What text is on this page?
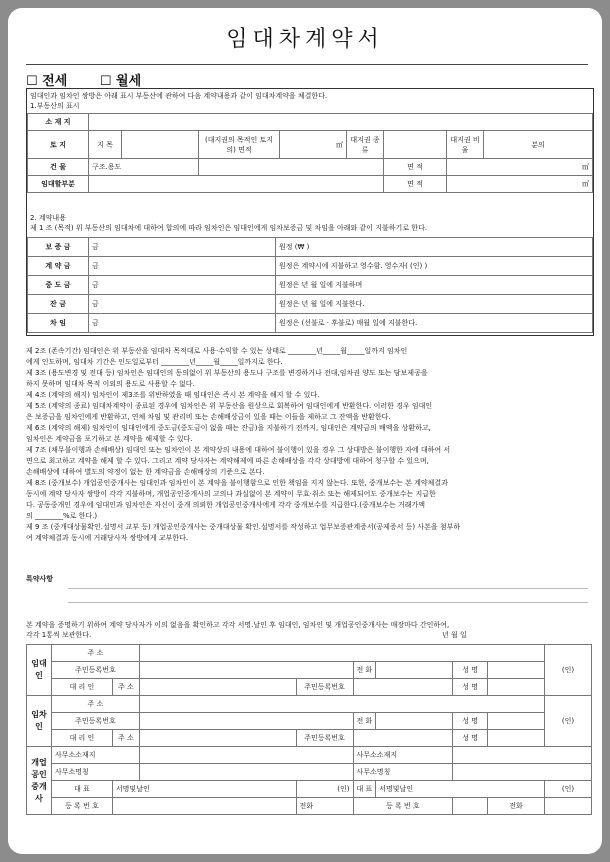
임대차계약서
☐ 전세	☐ 월세
임대인과 임차인 쌍방은 아래 표시 부동산에 관하여 다음 계약내용과 같이 임대차계약을 체결한다.
1.부동산의 표시
소 재 지								
토 지	지 목		(대지권의 목적인 토지의) 면적	㎡	대지권 종 류		대지권 비 율	분의
건 물	구조.용도					면 적	㎡	
임대할부분						면 적	㎡	
2. 계약내용
제 1 조 (목적) 위 부동산의 임대차에 대하여 합의에 따라 임차인은 임대인에게 임차보증금 및 차임을 아래와 같이 지불하기로 한다.
보 증 금	금	원정 (₩ )
계 약 금	금	원정은 계약시에 지불하고 영수함. 영수자( (인) )
중 도 금	금	원정은 년 월 일에 지불하며
잔 금	금	원정은 년 월 일에 지불한다.
차 임	금	원정은 (선불로 · 후불로) 매월 일에 지불한다.
제 2조 (존속기간) 임대인은 위 부동산을 임대차 목적대로 사용·수익할 수 있는 상태로 ________년_____월_____일까지 임차인
에게 인도하며, 임대차 기간은 인도일로부터 ________년_____월_____일까지로 한다.
제 3조 (용도변경 및 전대 등) 임차인은 임대인의 동의없이 위 부동산의 용도나 구조를 변경하거나 전대,임차권 양도 또는 담보제공을
하지 못하며 임대차 목적 이외의 용도로 사용할 수 없다.
제 4조 (계약의 해지) 임차인이 제3조를 위반하였을 때 임대인은 즉시 본 계약을 해지 할 수 있다.
제 5조 (계약의 종료) 임대차계약이 종료된 경우에 임차인은 위 부동산을 원상으로 회복하여 임대인에게 반환한다. 이러한 경우 임대인
은 보증금을 임차인에게 반환하고, 연체 차임 및 관리비 또는 손해배상금이 있을 때는 이들을 제하고 그 잔액을 반환한다.
제 6조 (계약의 해제) 임차인이 임대인에게 중도금(중도금이 없을 때는 잔금)을 지불하기 전까지, 임대인은 계약금의 배액을 상환하고,
임차인은 계약금을 포기하고 본 계약을 해제할 수 있다.
제 7조 (채무불이행과 손해배상) 임대인 또는 임차인이 본 계약상의 내용에 대하여 불이행이 있을 경우 그 상대방은 불이행한 자에 대하여 서
면으로 최고하고 계약을 해제 할 수 있다. 그리고 계약 당사자는 계약해제에 따른 손해배상을 각각 상대방에 대하여 청구할 수 있으며,
손해배상에 대하여 별도의 약정이 없는 한 계약금을 손해배상의 기준으로 본다.
제 8조 (중개보수) 개업공인중개사는 임대인과 임차인이 본 계약을 불이행함으로 인한 책임을 지지 않는다. 또한, 중개보수는 본 계약체결과
동시에 계약 당사자 쌍방이 각각 지불하며, 개업공인중개사의 고의나 과실없이 본 계약이 무효·취소 또는 해제되어도 중개보수는 지급한
다. 공동중개인 경우에 임대인과 임차인은 자신이 중개 의뢰한 개업공인중개사에게 각각 중개보수를 지급한다.(중개보수는 거래가액
의 ________%로 한다.)
제 9 조 (중개대상물확인.설명서 교부 등) 개업공인중개사는 중개대상물 확인.설명서를 작성하고 업무보증관계증서(공제증서 등) 사본을 첨부하
여 계약체결과 동시에 거래당사자 쌍방에게 교부한다.
특약사항
본 계약을 증명하기 위하여 계약 당사자가 이의 없음을 확인하고 각각 서명.날인 후 임대인, 임차인 및 개업공인중개사는 매장마다 간인하여,
각각 1통씩 보관한다.	년 월 일
임대인	주 소								(인)
	주민등록번호				전 화		성 명		
	대 리 인	주 소		주민등록번호			성 명		
임차인	주 소								(인)
	주민등록번호				전 화		성 명		
	대 리 인	주 소		주민등록번호			성 명		
개업공인중개사	사무소소재지				사무소소재지				
	사무소명칭				사무소명칭				
	대 표	서명및날인		(인)	대 표	서명및날인			(인)
	등 록 번 호			전화	등 록 번 호			전화	
